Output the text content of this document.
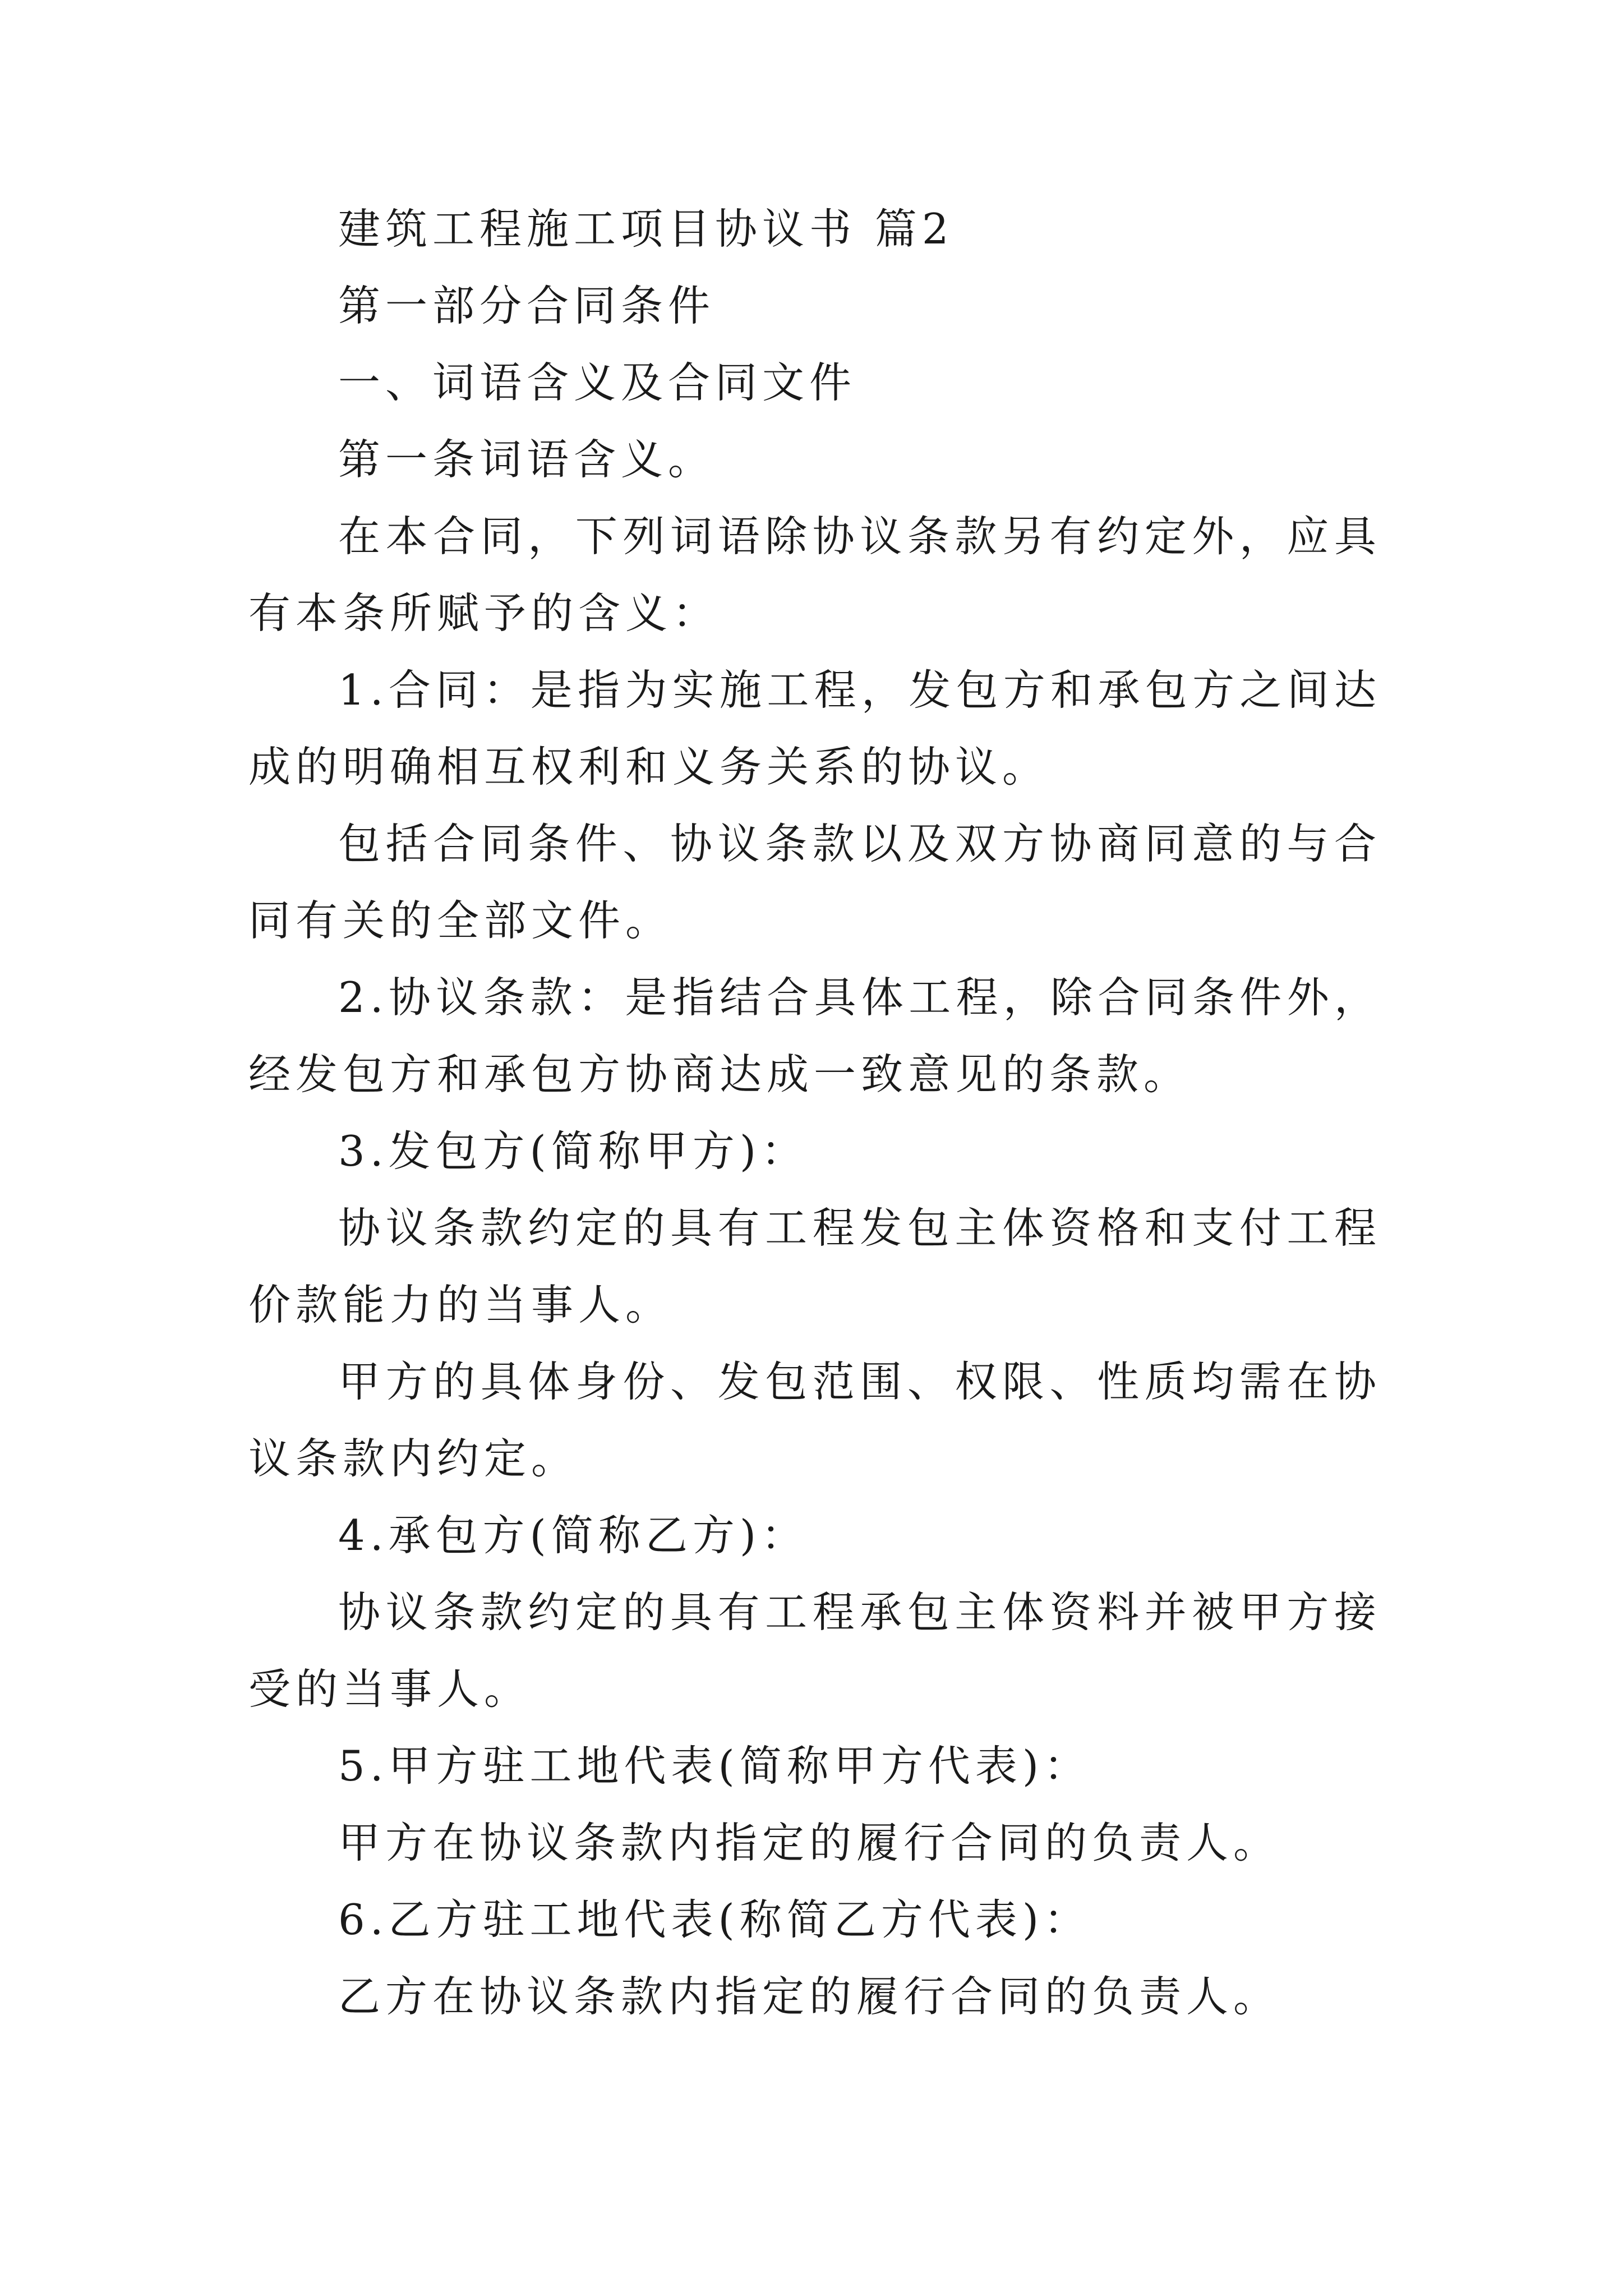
建筑工程施工项目协议书 篇2

第一部分合同条件

一、词语含义及合同文件

第一条词语含义。

在本合同，下列词语除协议条款另有约定外，应具有本条所赋予的含义：

1.合同：是指为实施工程，发包方和承包方之间达成的明确相互权利和义务关系的协议。

包括合同条件、协议条款以及双方协商同意的与合同有关的全部文件。

2.协议条款：是指结合具体工程，除合同条件外，经发包方和承包方协商达成一致意见的条款。

3.发包方(简称甲方)：

协议条款约定的具有工程发包主体资格和支付工程价款能力的当事人。

甲方的具体身份、发包范围、权限、性质均需在协议条款内约定。

4.承包方(简称乙方)：

协议条款约定的具有工程承包主体资料并被甲方接受的当事人。

5.甲方驻工地代表(简称甲方代表)：

甲方在协议条款内指定的履行合同的负责人。

6.乙方驻工地代表(称简乙方代表)：

乙方在协议条款内指定的履行合同的负责人。
